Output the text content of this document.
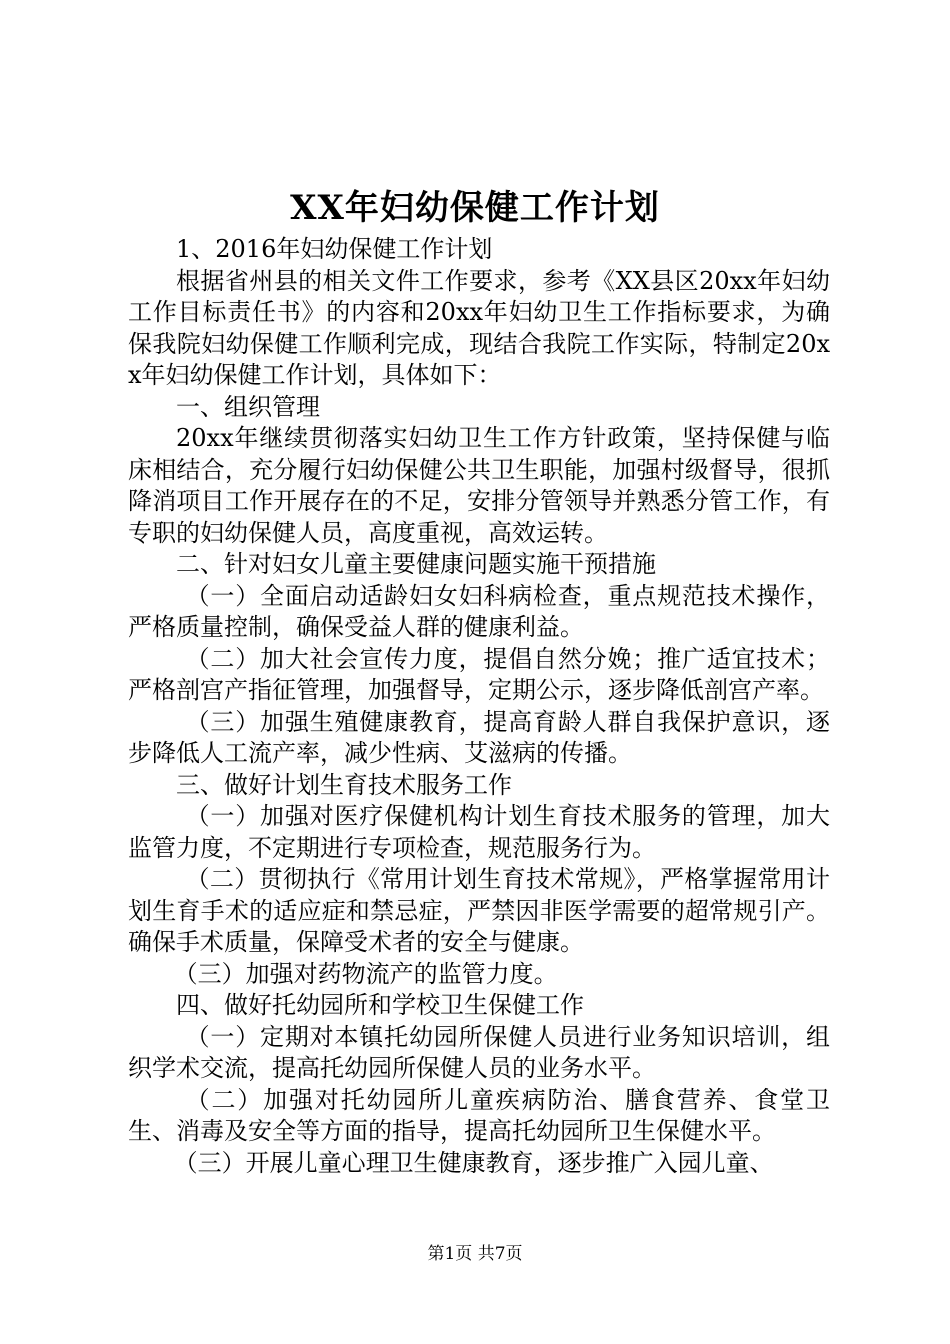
XX年妇幼保健工作计划

1、2016年妇幼保健工作计划

根据省州县的相关文件工作要求，参考《XX县区20xx年妇幼工作目标责任书》的内容和20xx年妇幼卫生工作指标要求，为确保我院妇幼保健工作顺利完成，现结合我院工作实际，特制定20xx年妇幼保健工作计划，具体如下：

一、组织管理

20xx年继续贯彻落实妇幼卫生工作方针政策，坚持保健与临床相结合，充分履行妇幼保健公共卫生职能，加强村级督导，很抓降消项目工作开展存在的不足，安排分管领导并熟悉分管工作，有专职的妇幼保健人员，高度重视，高效运转。

二、针对妇女儿童主要健康问题实施干预措施

（一）全面启动适龄妇女妇科病检查，重点规范技术操作，严格质量控制，确保受益人群的健康利益。

（二）加大社会宣传力度，提倡自然分娩；推广适宜技术；严格剖宫产指征管理，加强督导，定期公示，逐步降低剖宫产率。

（三）加强生殖健康教育，提高育龄人群自我保护意识，逐步降低人工流产率，减少性病、艾滋病的传播。

三、做好计划生育技术服务工作

（一）加强对医疗保健机构计划生育技术服务的管理，加大监管力度，不定期进行专项检查，规范服务行为。

（二）贯彻执行《常用计划生育技术常规》，严格掌握常用计划生育手术的适应症和禁忌症，严禁因非医学需要的超常规引产。确保手术质量，保障受术者的安全与健康。

（三）加强对药物流产的监管力度。

四、做好托幼园所和学校卫生保健工作

（一）定期对本镇托幼园所保健人员进行业务知识培训，组织学术交流，提高托幼园所保健人员的业务水平。

（二）加强对托幼园所儿童疾病防治、膳食营养、食堂卫生、消毒及安全等方面的指导，提高托幼园所卫生保健水平。

（三）开展儿童心理卫生健康教育，逐步推广入园儿童、

第1页 共7页
